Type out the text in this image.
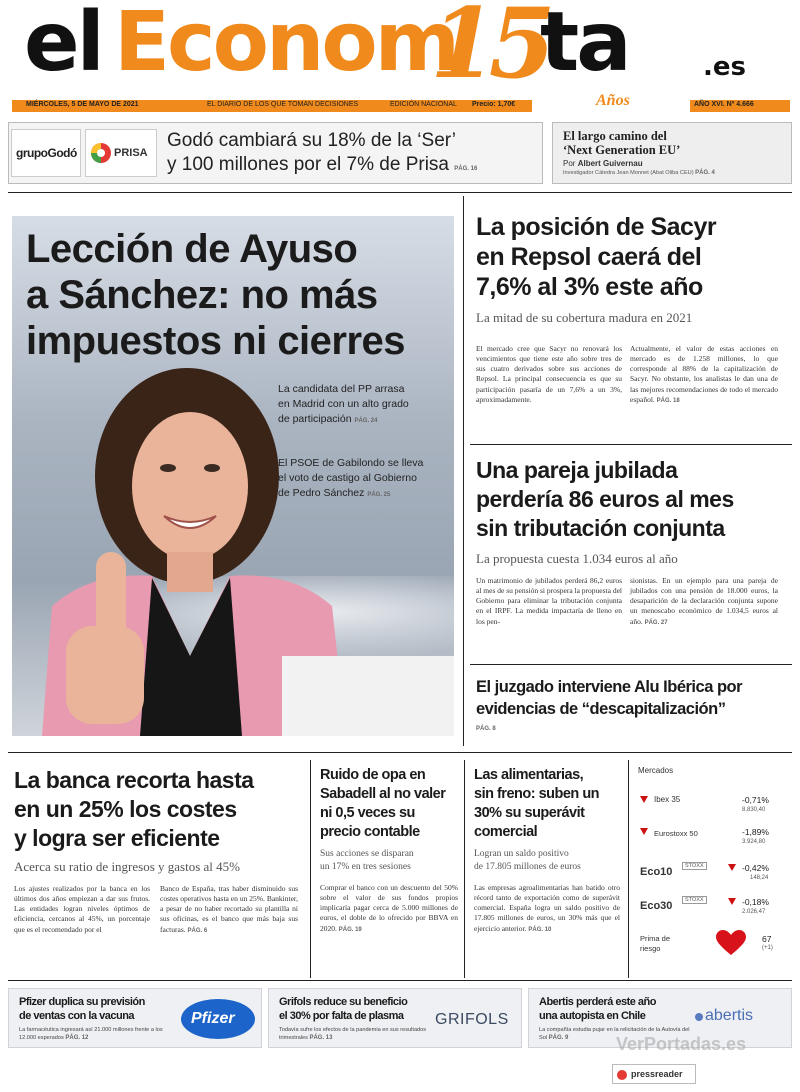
el Econom
15
ta	.es
Años
MIÉRCOLES, 5 DE MAYO DE 2021	EL DIARIO DE LOS QUE TOMAN DECISIONES	EDICIÓN NACIONAL Precio: 1,70€	AÑO XVI. Nº 4.666
grupoGodó	PRISA
Godó cambiará su 18% de la ‘Ser’
y 100 millones por el 7% de Prisa PÁG. 16
El largo camino del
‘Next Generation EU’
Por Albert Guivernau
Investigador Cátedra Jean Monnet (Abat Oliba CEU) PÁG. 4
Lección de Ayuso
a Sánchez: no más
impuestos ni cierres
La candidata del PP arrasa
en Madrid con un alto grado
de participación PÁG. 24
El PSOE de Gabilondo se lleva
el voto de castigo al Gobierno
de Pedro Sánchez PÁG. 25
La posición de Sacyr
en Repsol caerá del
7,6% al 3% este año
La mitad de su cobertura madura en 2021
El mercado cree que Sacyr no renovará los vencimientos que tiene este año sobre tres de sus cuatro derivados sobre sus acciones de Repsol. La principal consecuencia es que su participación pasaría de un 7,6% a un 3%, aproximadamente.
Actualmente, el valor de estas acciones en mercado es de 1.258 millones, lo que corresponde al 88% de la capitalización de Sacyr. No obstante, los analistas le dan una de las mejores recomendaciones de todo el mercado español. PÁG. 18
Una pareja jubilada
perdería 86 euros al mes
sin tributación conjunta
La propuesta cuesta 1.034 euros al año
Un matrimonio de jubilados perderá 86,2 euros al mes de su pensión si prospera la propuesta del Gobierno para eliminar la tributación conjunta en el IRPF. La medida impactaría de lleno en los pen-
sionistas. En un ejemplo para una pareja de jubilados con una pensión de 18.000 euros, la desaparición de la declaración conjunta supone un menoscabo económico de 1.034,5 euros al año. PÁG. 27
El juzgado interviene Alu Ibérica por
evidencias de “descapitalización”
PÁG. 8
La banca recorta hasta
en un 25% los costes
y logra ser eficiente
Acerca su ratio de ingresos y gastos al 45%
Los ajustes realizados por la banca en los últimos dos años empiezan a dar sus frutos. Las entidades logran niveles óptimos de eficiencia, cercanos al 45%, un porcentaje que es el recomendado por el
Banco de España, tras haber disminuido sus costes operativos hasta en un 25%. Bankinter, a pesar de no haber recortado su plantilla ni sus oficinas, es el banco que más baja sus facturas. PÁG. 6
Ruido de opa en
Sabadell al no valer
ni 0,5 veces su
precio contable
Sus acciones se disparan
un 17% en tres sesiones
Comprar el banco con un descuento del 50% sobre el valor de sus fondos propios implicaría pagar cerca de 5.000 millones de euros, el doble de lo ofrecido por BBVA en 2020. PÁG. 19
Las alimentarias,
sin freno: suben un
30% su superávit
comercial
Logran un saldo positivo
de 17.805 millones de euros
Las empresas agroalimentarias han batido otro récord tanto de exportación como de superávit comercial. España logra un saldo positivo de 17.805 millones de euros, un 30% más que el ejercicio anterior. PÁG. 10
Mercados
Ibex 35	-0,71%
8.830,40
Eurostoxx 50	-1,89%
3.924,80
Eco10	STOXX	-0,42%
148,24
Eco30	STOXX	-0,18%
2.026,47
Prima de
riesgo
67
(+1)
Pfizer duplica su previsión
de ventas con la vacuna
La farmacéutica ingresará así 21.000 millones frente a los 12.000 esperados PÁG. 12
Pfizer
Grifols reduce su beneficio
el 30% por falta de plasma
Todavía sufre los efectos de la pandemia en sus resultados trimestrales PÁG. 13
GRIFOLS
Abertis perderá este año
una autopista en Chile
La compañía estudia pujar en la relicitación de la Autovía del Sol PÁG. 9
abertis
VerPortadas.es
pressreader
